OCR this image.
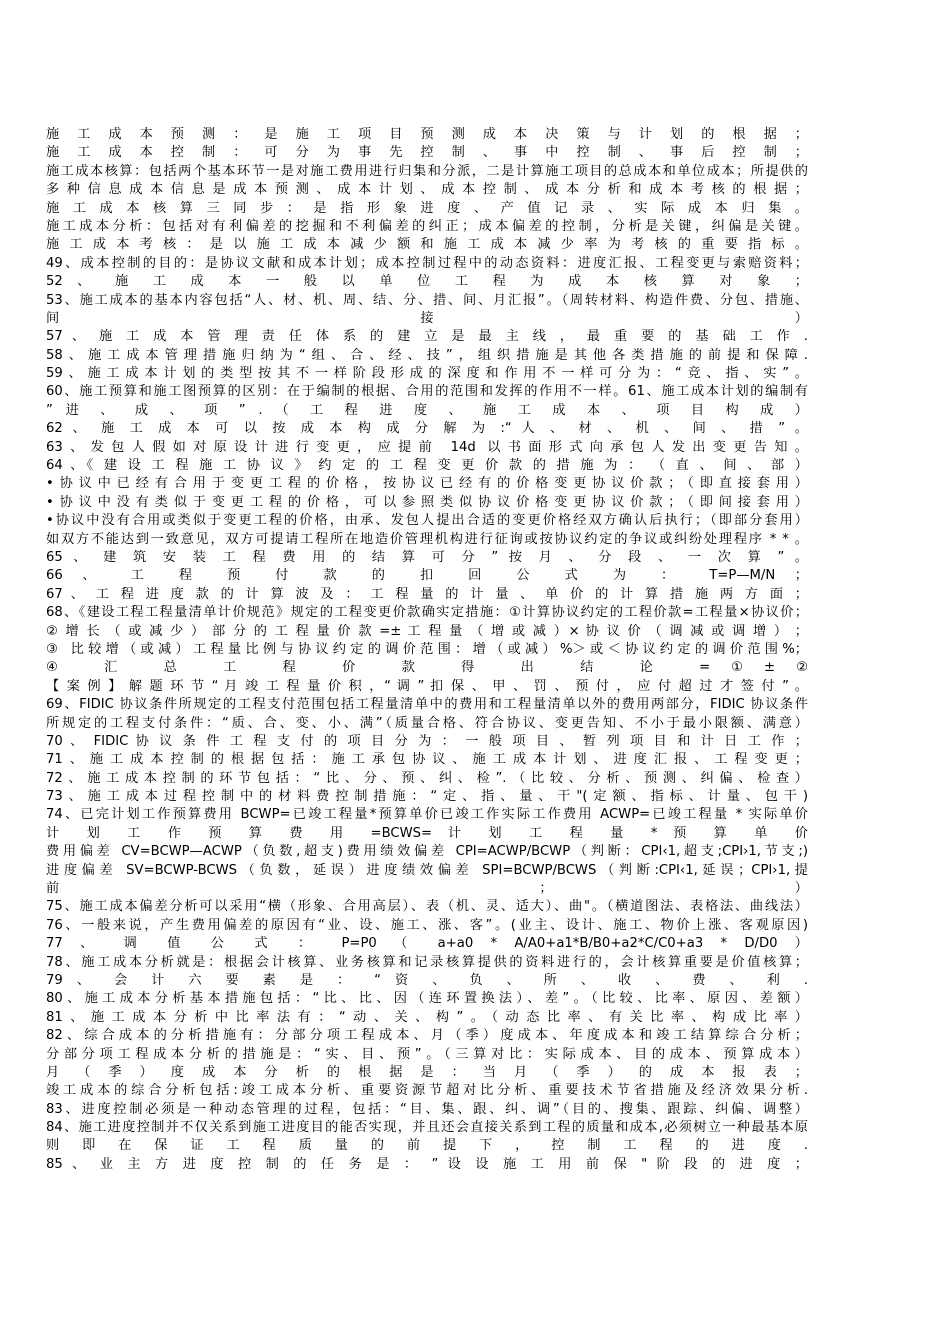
施 工 成 本 预 测 ： 是 施 工 项 目 预 测 成 本 决 策 与 计 划 的 根 据 ；
施 工 成 本 控 制 ： 可 分 为 事 先 控 制 、 事 中 控 制 、 事 后 控 制 ；
施工成本核算：包括两个基本环节一是对施工费用进行归集和分派，二是计算施工项目的总成本和单位成本；所提供的
多种信息成本信息是成本预测、成本计划、成本控制、成本分析和成本考核的根据；
施 工 成 本 核 算 三 同 步 ： 是 指 形 象 进 度 、 产 值 记 录 、 实 际 成 本 归 集 。
施工成本分析：包括对有利偏差的挖掘和不利偏差的纠正；成本偏差的控制，分析是关键，纠偏是关键。
施 工 成 本 考 核 ： 是 以 施 工 成 本 减 少 额 和 施 工 成 本 减 少 率 为 考 核 的 重 要 指 标 。
49、成本控制的目的：是协议文献和成本计划；成本控制过程中的动态资料：进度汇报、工程变更与索赔资料；
52 、 施 工 成 本 一 般 以 单 位 工 程 为 成 本 核 算 对 象 ；
53、施工成本的基本内容包括“人、材、机、周、结、分、措、间、月汇报”。（周转材料、构造件费、分包、措施、
间 接 ）
57 、 施 工 成 本 管 理 责 任 体 系 的 建 立 是 最 主 线 ， 最 重 要 的 基 础 工 作 .
58、施工成本管理措施归纳为“组、合、经、技”，组织措施是其他各类措施的前提和保障.
59、施工成本计划的类型按其不一样阶段形成的深度和作用不一样可分为：“竞、指、实”。
60、施工预算和施工图预算的区别：在于编制的根据、合用的范围和发挥的作用不一样。61、施工成本计划的编制有
” 进 、 成 、 项 ” . （ 工 程 进 度 、 施 工 成 本 、 项 目 构 成 ）
62 、 施 工 成 本 可 以 按 成 本 构 成 分 解 为 :“ 人 、 材 、 机 、 间 、 措 ” 。
63、发包人假如对原设计进行变更，应提前 14d 以书面形式向承包人发出变更告知。
64 、《 建 设 工 程 施 工 协 议 》 约 定 的 工 程 变 更 价 款 的 措 施 为 ： （ 直 、 间 、 部 ）
•协议中已经有合用于变更工程的价格，按协议已经有的价格变更协议价款；（即直接套用）
•协议中没有类似于变更工程的价格，可以参照类似协议价格变更协议价款；（即间接套用）
•协议中没有合用或类似于变更工程的价格，由承、发包人提出合适的变更价格经双方确认后执行；（即部分套用）
如双方不能达到一致意见，双方可提请工程所在地造价管理机构进行征询或按协议约定的争议或纠纷处理程序 * * 。
65 、 建 筑 安 装 工 程 费 用 的 结 算 可 分 ” 按 月 、 分 段 、 一 次 算 ” 。
66 、 工 程 预 付 款 的 扣 回 公 式 为 ： T=P—M/N ；
67 、 工 程 进 度 款 的 计 算 波 及 ： 工 程 量 的 计 量 、 单 价 的 计 算 措 施 两 方 面 ；
68、《建设工程工程量清单计价规范》规定的工程变更价款确实定措施：①计算协议约定的工程价款=工程量×协议价；
② 增 长 （ 或 减 少 ） 部 分 的 工 程 量 价 款 =± 工 程 量 （ 增 或 减 ）× 协 议 价 （ 调 减 或 调 增 ） ；
③ 比较增（或减）工程量比例与协议约定的调价范围：增（或减）%＞或＜协议约定的调价范围%；
④ 汇 总 工 程 价 款 得 出 结 论 =①±②
【 案 例 】 解 题 环 节 “ 月 竣 工 程 量 价 积 ，“ 调 ” 扣 保 、 甲 、 罚 、 预 付 ， 应 付 超 过 才 签 付 ” 。
69、FIDIC 协议条件所规定的工程支付范围包括工程量清单中的费用和工程量清单以外的费用两部分，FIDIC 协议条件
所规定的工程支付条件：“质、合、变、小、满”（质量合格、符合协议、变更告知、不小于最小限额、满意）
70 、 FIDIC 协 议 条 件 工 程 支 付 的 项 目 分 为 ： 一 般 项 目 、 暂 列 项 目 和 计 日 工 作 ；
71、施工成本控制的根据包括：施工承包协议、施工成本计划、进度汇报、工程变更；
72、施工成本控制的环节包括：“比、分、预、纠、检”.（比较、分析、预测、纠偏、检查）
73、施工成本过程控制中的材料费控制措施：“定、指、量、干"(定额、指标、计量、包干)
74、已完计划工作预算费用 BCWP=已竣工程量*预算单价已竣工作实际工作费用 ACWP=已竣工程量 * 实际单价
计 划 工 作 预 算 费 用 =BCWS= 计 划 工 程 量 * 预 算 单 价
费用偏差 CV=BCWP—ACWP（负数,超支)费用绩效偏差 CPI=ACWP/BCWP（判断：CPI‹1,超支;CPI›1,节支;)
进度偏差 SV=BCWP-BCWS（负数，延误）进度绩效偏差 SPI=BCWP/BCWS（判断:CPI‹1,延误；CPI›1,提
前 ； ）
75、施工成本偏差分析可以采用“横（形象、合用高层）、表（机、灵、适大）、曲"。（横道图法、表格法、曲线法）
76、一般来说，产生费用偏差的原因有“业、设、施工、涨、客”。(业主、设计、施工、物价上涨、客观原因)
77 、 调 值 公 式 ： P=P0 （ a+a0 * A/A0+a1*B/B0+a2*C/C0+a3 * D/D0 ）
78、施工成本分析就是：根据会计核算、业务核算和记录核算提供的资料进行的，会计核算重要是价值核算；
79 、 会 计 六 要 素 是 ： “ 资 、 负 、 所 、 收 、 费 、 利 .
80、施工成本分析基本措施包括：“比、比、因（连环置换法）、差”。（比较、比率、原因、差额）
81、施工成本分析中比率法有：“动、关、构”。（动态比率、有关比率、构成比率）
82、综合成本的分析措施有：分部分项工程成本、月（季）度成本、年度成本和竣工结算综合分析；
分部分项工程成本分析的措施是：“实、目、预”。（三算对比：实际成本、目的成本、预算成本）
月 （ 季 ） 度 成 本 分 析 的 根 据 是 ： 当 月 （ 季 ） 的 成 本 报 表 ；
竣工成本的综合分析包括:竣工成本分析、重要资源节超对比分析、重要技术节省措施及经济效果分析.
83、进度控制必须是一种动态管理的过程，包括：“目、集、跟、纠、调”（目的、搜集、跟踪、纠偏、调整）
84、施工进度控制并不仅关系到施工进度目的能否实现，并且还会直接关系到工程的质量和成本,必须树立一种最基本原
则 即 在 保 证 工 程 质 量 的 前 提 下 ， 控 制 工 程 的 进 度 .
85 、 业 主 方 进 度 控 制 的 任 务 是 ： ” 设 设 施 工 用 前 保 " 阶 段 的 进 度 ；
